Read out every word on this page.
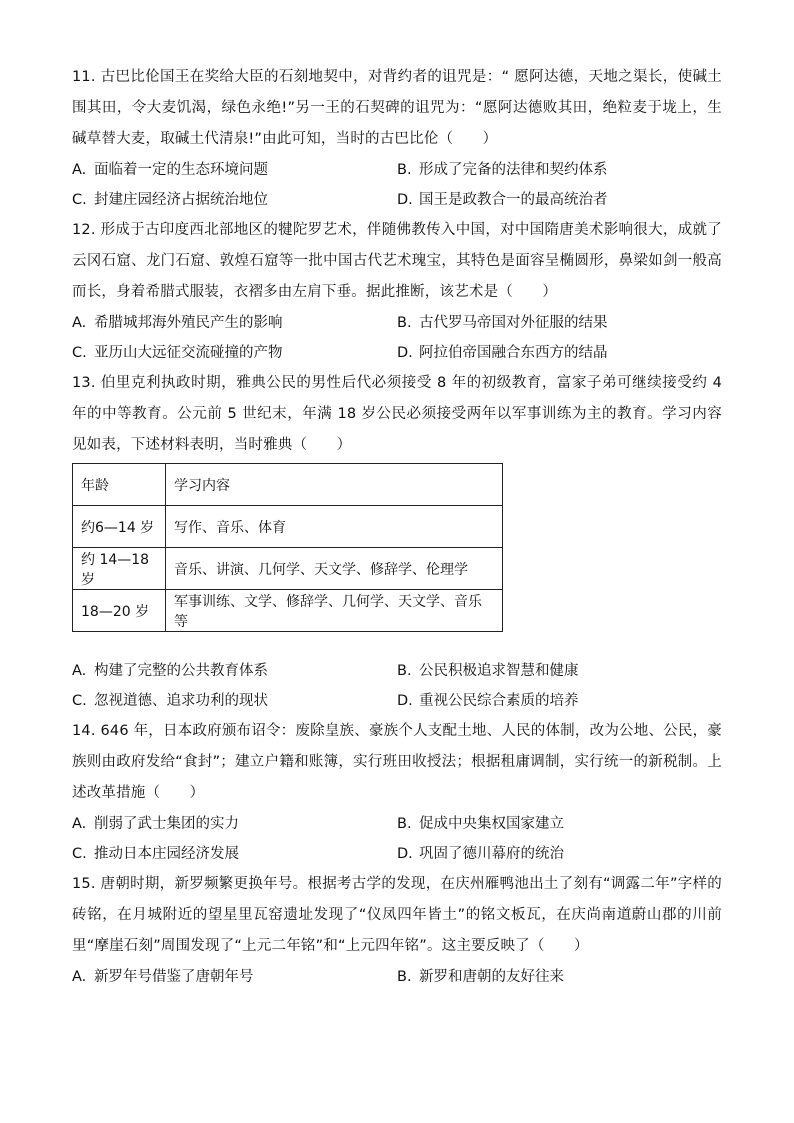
11. 古巴比伦国王在奖给大臣的石刻地契中，对背约者的诅咒是：“ 愿阿达德，天地之渠长，使碱土围其田，令大麦饥渴，绿色永绝!”另一王的石契碑的诅咒为：“愿阿达德败其田，绝粒麦于垅上，生碱草替大麦，取碱土代清泉!”由此可知，当时的古巴比伦（　　）

A. 面临着一定的生态环境问题	B. 形成了完备的法律和契约体系
C. 封建庄园经济占据统治地位	D. 国王是政教合一的最高统治者

12. 形成于古印度西北部地区的犍陀罗艺术，伴随佛教传入中国，对中国隋唐美术影响很大，成就了云冈石窟、龙门石窟、敦煌石窟等一批中国古代艺术瑰宝，其特色是面容呈椭圆形，鼻梁如剑一般高而长，身着希腊式服装，衣褶多由左肩下垂。据此推断，该艺术是（　　）

A. 希腊城邦海外殖民产生的影响	B. 古代罗马帝国对外征服的结果
C. 亚历山大远征交流碰撞的产物	D. 阿拉伯帝国融合东西方的结晶

13. 伯里克利执政时期，雅典公民的男性后代必须接受 8 年的初级教育，富家子弟可继续接受约 4 年的中等教育。公元前 5 世纪末，年满 18 岁公民必须接受两年以军事训练为主的教育。学习内容见如表，下述材料表明，当时雅典（　　）

年龄	学习内容
约6—14 岁	写作、音乐、体育
约 14—18 岁	音乐、讲演、几何学、天文学、修辞学、伦理学
18—20 岁	军事训练、文学、修辞学、几何学、天文学、音乐等
A. 构建了完整的公共教育体系	B. 公民积极追求智慧和健康
C. 忽视道德、追求功利的现状	D. 重视公民综合素质的培养

14. 646 年，日本政府颁布诏令：废除皇族、豪族个人支配土地、人民的体制，改为公地、公民，豪族则由政府发给“食封”；建立户籍和账簿，实行班田收授法；根据租庸调制，实行统一的新税制。上述改革措施（　　）

A. 削弱了武士集团的实力	B. 促成中央集权国家建立
C. 推动日本庄园经济发展	D. 巩固了德川幕府的统治

15. 唐朝时期，新罗频繁更换年号。根据考古学的发现，在庆州雁鸭池出土了刻有“调露二年”字样的砖铭，在月城附近的望星里瓦窑遗址发现了“仪凤四年皆土”的铭文板瓦，在庆尚南道蔚山郡的川前里“摩崖石刻”周围发现了“上元二年铭”和“上元四年铭”。这主要反映了（　　）

A. 新罗年号借鉴了唐朝年号	B. 新罗和唐朝的友好往来
